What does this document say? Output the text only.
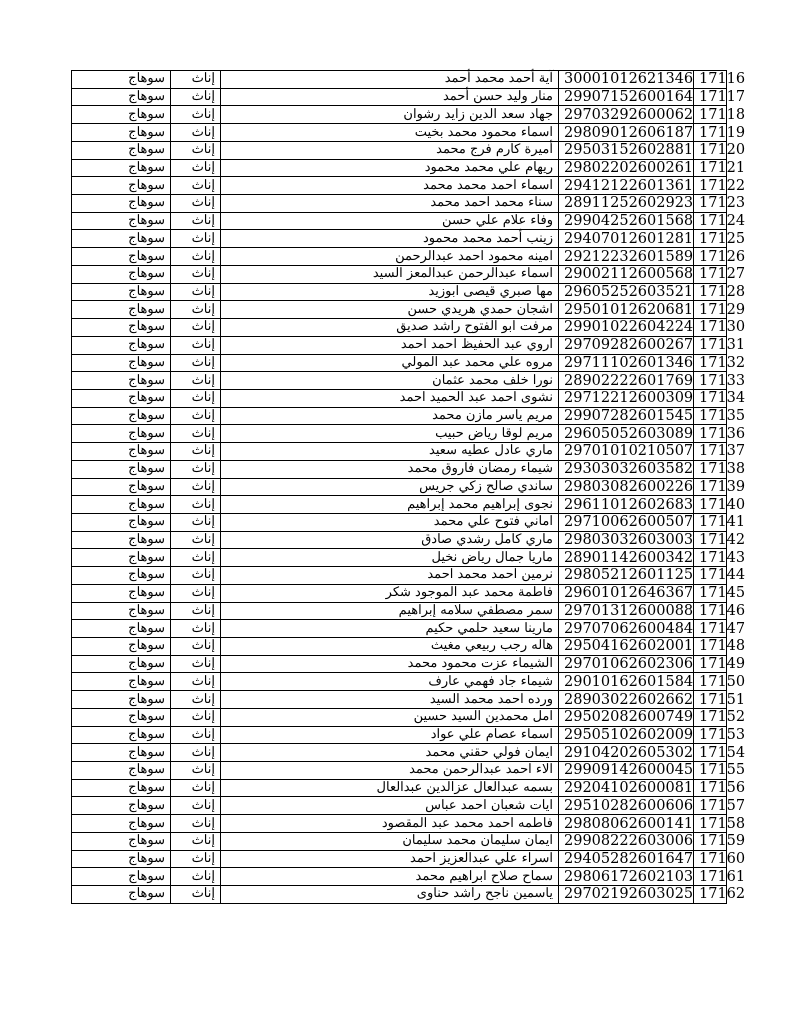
سوهاج	إناث	آية أحمد محمد أحمد	30001012621346	17116
سوهاج	إناث	منار وليد حسن أحمد	29907152600164	17117
سوهاج	إناث	جهاد سعد الدين زايد رشوان	29703292600062	17118
سوهاج	إناث	اسماء محمود محمد بخيت	29809012606187	17119
سوهاج	إناث	أميرة كارم فرج محمد	29503152602881	17120
سوهاج	إناث	ريهام علي محمد محمود	29802202600261	17121
سوهاج	إناث	اسماء احمد محمد محمد	29412122601361	17122
سوهاج	إناث	سناء محمد احمد محمد	28911252602923	17123
سوهاج	إناث	وفاء علام علي حسن	29904252601568	17124
سوهاج	إناث	زينب أحمد محمد محمود	29407012601281	17125
سوهاج	إناث	امينه محمود احمد عبدالرحمن	29212232601589	17126
سوهاج	إناث	اسماء عبدالرحمن عبدالمعز السيد	29002112600568	17127
سوهاج	إناث	مها صبري قيصى ابوزيد	29605252603521	17128
سوهاج	إناث	اشجان حمدي هريدي حسن	29501012620681	17129
سوهاج	إناث	مرفت ابو الفتوح راشد صديق	29901022604224	17130
سوهاج	إناث	اروي عبد الحفيظ احمد احمد	29709282600267	17131
سوهاج	إناث	مروه علي محمد عبد المولي	29711102601346	17132
سوهاج	إناث	نورا خلف محمد عثمان	28902222601769	17133
سوهاج	إناث	نشوى احمد عبد الحميد احمد	29712212600309	17134
سوهاج	إناث	مريم ياسر مازن محمد	29907282601545	17135
سوهاج	إناث	مريم لوقا رياض حبيب	29605052603089	17136
سوهاج	إناث	ماري عادل عطيه سعيد	29701010210507	17137
سوهاج	إناث	شيماء رمضان فاروق محمد	29303032603582	17138
سوهاج	إناث	ساندي صالح زكي جريس	29803082600226	17139
سوهاج	إناث	نجوى إبراهيم محمد إبراهيم	29611012602683	17140
سوهاج	إناث	اماني فتوح علي محمد	29710062600507	17141
سوهاج	إناث	ماري كامل رشدي صادق	29803032603003	17142
سوهاج	إناث	ماريا جمال رياض نخيل	28901142600342	17143
سوهاج	إناث	نرمين احمد محمد احمد	29805212601125	17144
سوهاج	إناث	فاطمة محمد عبد الموجود شكر	29601012646367	17145
سوهاج	إناث	سمر مصطفي سلامه إبراهيم	29701312600088	17146
سوهاج	إناث	مارينا سعيد حلمي حكيم	29707062600484	17147
سوهاج	إناث	هاله رجب ربيعي مغيث	29504162602001	17148
سوهاج	إناث	الشيماء عزت محمود محمد	29701062602306	17149
سوهاج	إناث	شيماء جاد فهمي عارف	29010162601584	17150
سوهاج	إناث	ورده احمد محمد السيد	28903022602662	17151
سوهاج	إناث	امل محمدين السيد حسين	29502082600749	17152
سوهاج	إناث	اسماء عصام علي عواد	29505102602009	17153
سوهاج	إناث	ايمان فولي حقني محمد	29104202605302	17154
سوهاج	إناث	الاء احمد عبدالرحمن محمد	29909142600045	17155
سوهاج	إناث	بسمه عبدالعال عزالدين عبدالعال	29204102600081	17156
سوهاج	إناث	ايات شعبان احمد عباس	29510282600606	17157
سوهاج	إناث	فاطمه احمد محمد عبد المقصود	29808062600141	17158
سوهاج	إناث	ايمان سليمان محمد سليمان	29908222603006	17159
سوهاج	إناث	اسراء علي عبدالعزيز احمد	29405282601647	17160
سوهاج	إناث	سماح صلاح ابراهيم محمد	29806172602103	17161
سوهاج	إناث	ياسمين ناجح راشد حناوى	29702192603025	17162
